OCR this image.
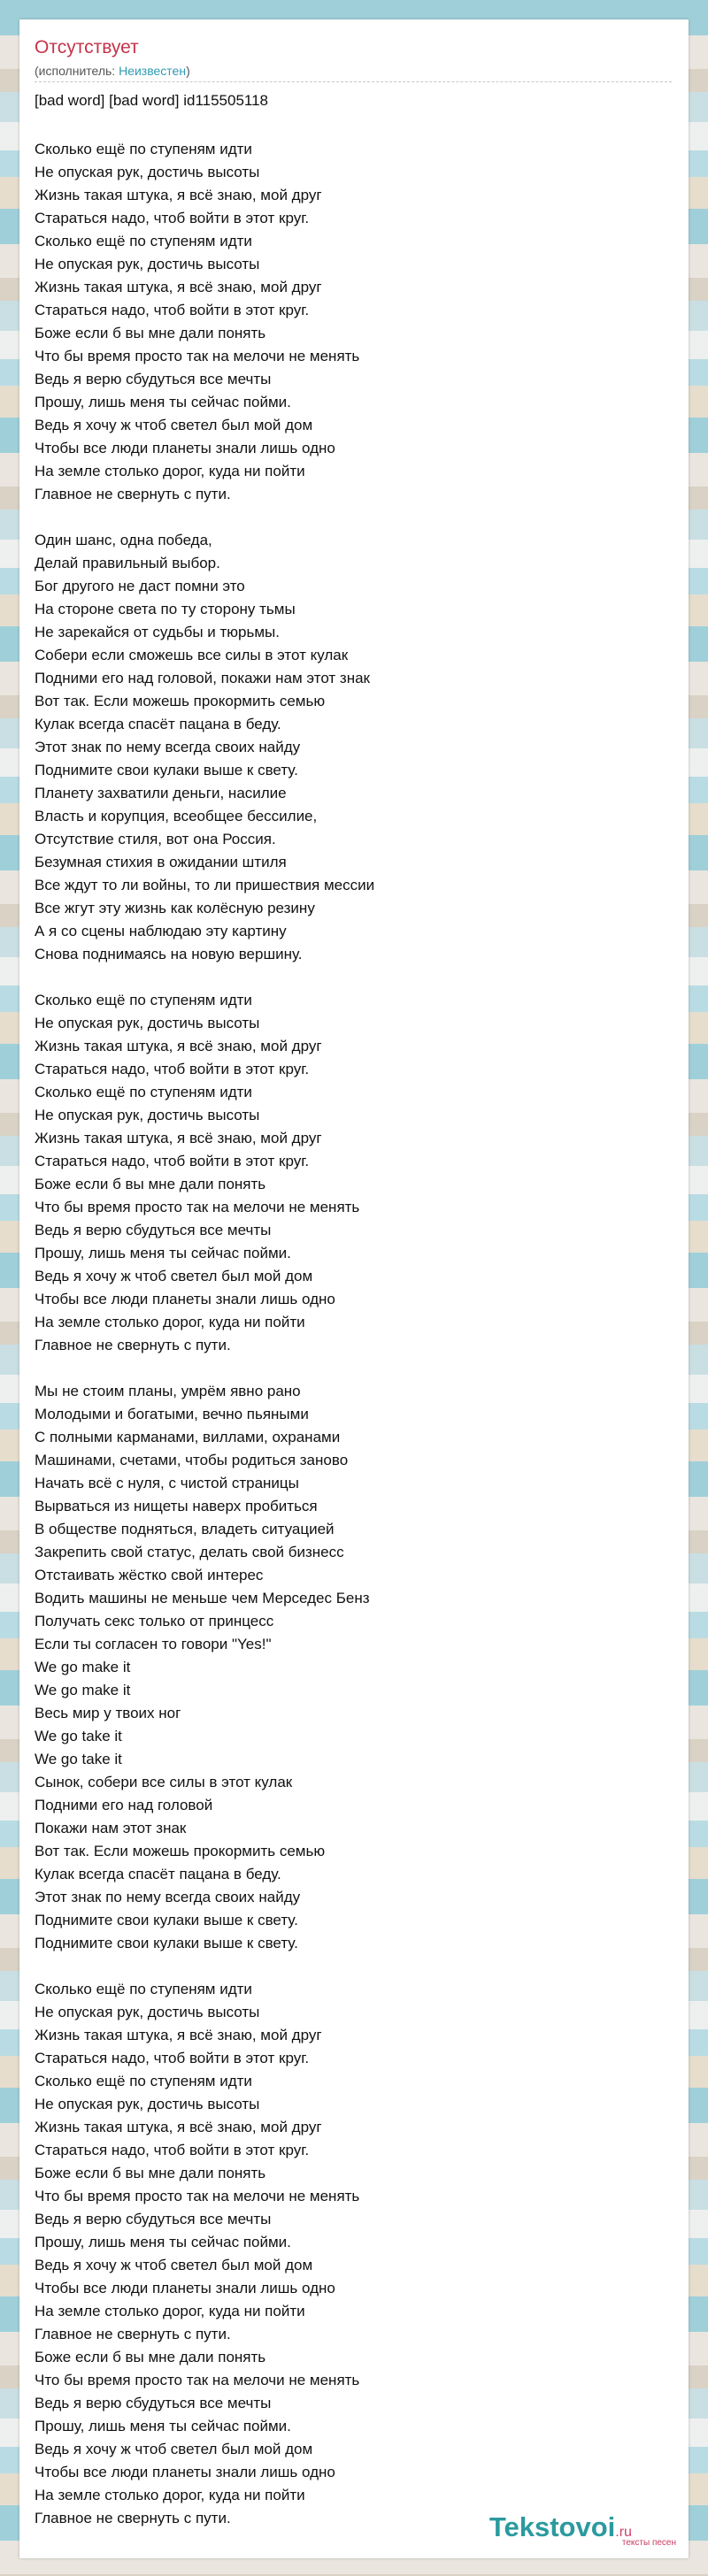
Отсутствует
(исполнитель: Неизвестен)
[bad word] [bad word] id115505118
Сколько ещё по ступеням идти
Не опуская рук, достичь высоты
Жизнь такая штука, я всё знаю, мой друг
Стараться надо, чтоб войти в этот круг.
Сколько ещё по ступеням идти
Не опуская рук, достичь высоты
Жизнь такая штука, я всё знаю, мой друг
Стараться надо, чтоб войти в этот круг.
Боже если б вы мне дали понять
Что бы время просто так на мелочи не менять
Ведь я верю сбудуться все мечты
Прошу, лишь меня ты сейчас пойми.
Ведь я хочу ж чтоб светел был мой дом
Чтобы все люди планеты знали лишь одно
На земле столько дорог, куда ни пойти
Главное не свернуть с пути.
Один шанс, одна победа,
Делай правильный выбор.
Бог другого не даст помни это
На стороне света по ту сторону тьмы
Не зарекайся от судьбы и тюрьмы.
Собери если сможешь все силы в этот кулак
Подними его над головой, покажи нам этот знак
Вот так. Если можешь прокормить семью
Кулак всегда спасёт пацана в беду.
Этот знак по нему всегда своих найду
Поднимите свои кулаки выше к свету.
Планету захватили деньги, насилие
Власть и корупция, всеобщее бессилие,
Отсутствие стиля, вот она Россия.
Безумная стихия в ожидании штиля
Все ждут то ли войны, то ли пришествия мессии
Все жгут эту жизнь как колёсную резину
А я со сцены наблюдаю эту картину
Снова поднимаясь на новую вершину.
Сколько ещё по ступеням идти
Не опуская рук, достичь высоты
Жизнь такая штука, я всё знаю, мой друг
Стараться надо, чтоб войти в этот круг.
Сколько ещё по ступеням идти
Не опуская рук, достичь высоты
Жизнь такая штука, я всё знаю, мой друг
Стараться надо, чтоб войти в этот круг.
Боже если б вы мне дали понять
Что бы время просто так на мелочи не менять
Ведь я верю сбудуться все мечты
Прошу, лишь меня ты сейчас пойми.
Ведь я хочу ж чтоб светел был мой дом
Чтобы все люди планеты знали лишь одно
На земле столько дорог, куда ни пойти
Главное не свернуть с пути.
Мы не стоим планы, умрём явно рано
Молодыми и богатыми, вечно пьяными
С полными карманами, виллами, охранами
Машинами, счетами, чтобы родиться заново
Начать всё с нуля, с чистой страницы
Вырваться из нищеты наверх пробиться
В обществе подняться, владеть ситуацией
Закрепить свой статус, делать свой бизнесс
Отстаивать жёстко свой интерес
Водить машины не меньше чем Мерседес Бенз
Получать секс только от принцесс
Если ты согласен то говори "Yes!"
We go make it
We go make it
Весь мир у твоих ног
We go take it
We go take it
Сынок, собери все силы в этот кулак
Подними его над головой
Покажи нам этот знак
Вот так. Если можешь прокормить семью
Кулак всегда спасёт пацана в беду.
Этот знак по нему всегда своих найду
Поднимите свои кулаки выше к свету.
Поднимите свои кулаки выше к свету.
Сколько ещё по ступеням идти
Не опуская рук, достичь высоты
Жизнь такая штука, я всё знаю, мой друг
Стараться надо, чтоб войти в этот круг.
Сколько ещё по ступеням идти
Не опуская рук, достичь высоты
Жизнь такая штука, я всё знаю, мой друг
Стараться надо, чтоб войти в этот круг.
Боже если б вы мне дали понять
Что бы время просто так на мелочи не менять
Ведь я верю сбудуться все мечты
Прошу, лишь меня ты сейчас пойми.
Ведь я хочу ж чтоб светел был мой дом
Чтобы все люди планеты знали лишь одно
На земле столько дорог, куда ни пойти
Главное не свернуть с пути.
Боже если б вы мне дали понять
Что бы время просто так на мелочи не менять
Ведь я верю сбудуться все мечты
Прошу, лишь меня ты сейчас пойми.
Ведь я хочу ж чтоб светел был мой дом
Чтобы все люди планеты знали лишь одно
На земле столько дорог, куда ни пойти
Главное не свернуть с пути.	Tekstovoi.ru
тексты песен
